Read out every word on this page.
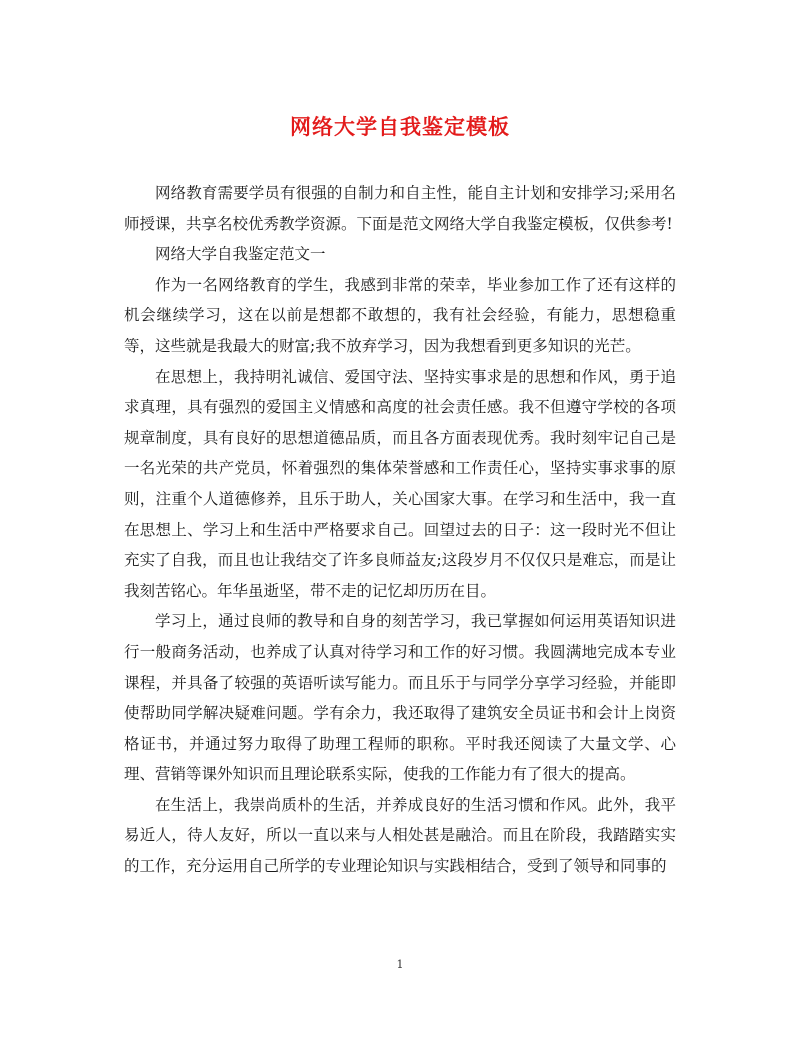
网络大学自我鉴定模板

网络教育需要学员有很强的自制力和自主性，能自主计划和安排学习;采用名师授课，共享名校优秀教学资源。下面是范文网络大学自我鉴定模板，仅供参考!

网络大学自我鉴定范文一

作为一名网络教育的学生，我感到非常的荣幸，毕业参加工作了还有这样的机会继续学习，这在以前是想都不敢想的，我有社会经验，有能力，思想稳重等，这些就是我最大的财富;我不放弃学习，因为我想看到更多知识的光芒。

在思想上，我持明礼诚信、爱国守法、坚持实事求是的思想和作风，勇于追求真理，具有强烈的爱国主义情感和高度的社会责任感。我不但遵守学校的各项规章制度，具有良好的思想道德品质，而且各方面表现优秀。我时刻牢记自己是一名光荣的共产党员，怀着强烈的集体荣誉感和工作责任心，坚持实事求事的原则，注重个人道德修养，且乐于助人，关心国家大事。在学习和生活中，我一直在思想上、学习上和生活中严格要求自己。回望过去的日子：这一段时光不但让充实了自我，而且也让我结交了许多良师益友;这段岁月不仅仅只是难忘，而是让我刻苦铭心。年华虽逝坚，带不走的记忆却历历在目。

学习上，通过良师的教导和自身的刻苦学习，我已掌握如何运用英语知识进行一般商务活动，也养成了认真对待学习和工作的好习惯。我圆满地完成本专业课程，并具备了较强的英语听读写能力。而且乐于与同学分享学习经验，并能即使帮助同学解决疑难问题。学有余力，我还取得了建筑安全员证书和会计上岗资格证书，并通过努力取得了助理工程师的职称。平时我还阅读了大量文学、心理、营销等课外知识而且理论联系实际，使我的工作能力有了很大的提高。

在生活上，我崇尚质朴的生活，并养成良好的生活习惯和作风。此外，我平易近人，待人友好，所以一直以来与人相处甚是融洽。而且在阶段，我踏踏实实的工作，充分运用自己所学的专业理论知识与实践相结合，受到了领导和同事的

1
